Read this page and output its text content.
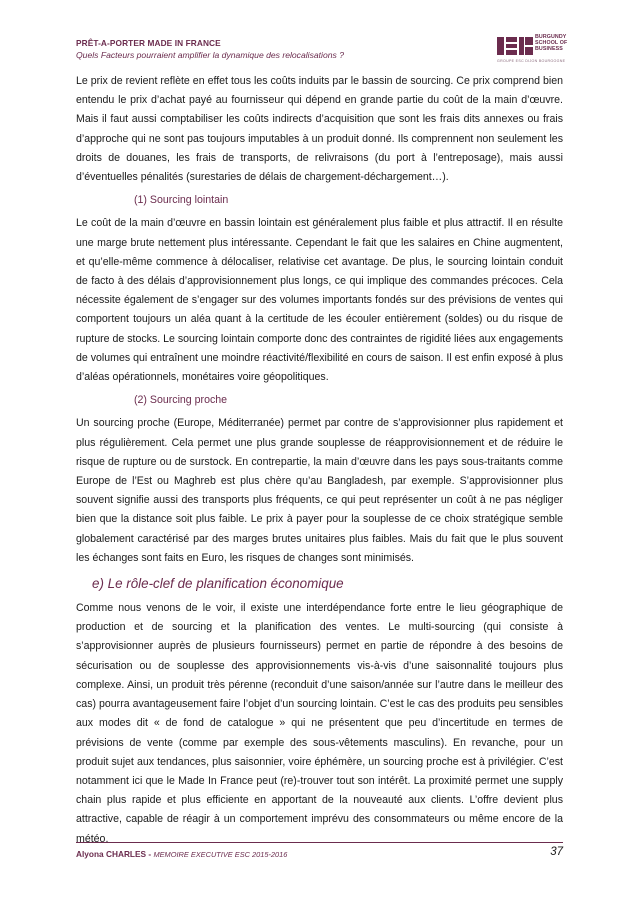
PRÊT-A-PORTER MADE IN FRANCE
Quels Facteurs pourraient amplifier la dynamique des relocalisations ?
BURGUNDY
SCHOOL OF
BUSINESS
GROUPE ESC DIJON BOURGOGNE

Le prix de revient reflète en effet tous les coûts induits par le bassin de sourcing. Ce prix comprend bien entendu le prix d’achat payé au fournisseur qui dépend en grande partie du coût de la main d’œuvre. Mais il faut aussi comptabiliser les coûts indirects d’acquisition que sont les frais dits annexes ou frais d’approche qui ne sont pas toujours imputables à un produit donné. Ils comprennent non seulement les droits de douanes, les frais de transports, de relivraisons (du port à l’entreposage), mais aussi d’éventuelles pénalités (surestaries de délais de chargement-déchargement…).

(1) Sourcing lointain

Le coût de la main d’œuvre en bassin lointain est généralement plus faible et plus attractif. Il en résulte une marge brute nettement plus intéressante. Cependant le fait que les salaires en Chine augmentent, et qu’elle-même commence à délocaliser, relativise cet avantage. De plus, le sourcing lointain conduit de facto à des délais d’approvisionnement plus longs, ce qui implique des commandes précoces. Cela nécessite également de s’engager sur des volumes importants fondés sur des prévisions de ventes qui comportent toujours un aléa quant à la certitude de les écouler entièrement (soldes) ou du risque de rupture de stocks. Le sourcing lointain comporte donc des contraintes de rigidité liées aux engagements de volumes qui entraînent une moindre réactivité/flexibilité en cours de saison. Il est enfin exposé à plus d’aléas opérationnels, monétaires voire géopolitiques.

(2) Sourcing proche

Un sourcing proche (Europe, Méditerranée) permet par contre de s’approvisionner plus rapidement et plus régulièrement. Cela permet une plus grande souplesse de réapprovisionnement et de réduire le risque de rupture ou de surstock. En contrepartie, la main d’œuvre dans les pays sous-traitants comme Europe de l’Est ou Maghreb est plus chère qu’au Bangladesh, par exemple. S’approvisionner plus souvent signifie aussi des transports plus fréquents, ce qui peut représenter un coût à ne pas négliger bien que la distance soit plus faible. Le prix à payer pour la souplesse de ce choix stratégique semble globalement caractérisé par des marges brutes unitaires plus faibles. Mais du fait que le plus souvent les échanges sont faits en Euro, les risques de changes sont minimisés.

e) Le rôle-clef de planification économique

Comme nous venons de le voir, il existe une interdépendance forte entre le lieu géographique de production et de sourcing et la planification des ventes. Le multi-sourcing (qui consiste à s’approvisionner auprès de plusieurs fournisseurs) permet en partie de répondre à des besoins de sécurisation ou de souplesse des approvisionnements vis-à-vis d’une saisonnalité toujours plus complexe. Ainsi, un produit très pérenne (reconduit d’une saison/année sur l’autre dans le meilleur des cas) pourra avantageusement faire l’objet d’un sourcing lointain. C’est le cas des produits peu sensibles aux modes dit « de fond de catalogue » qui ne présentent que peu d’incertitude en termes de prévisions de vente (comme par exemple des sous-vêtements masculins). En revanche, pour un produit sujet aux tendances, plus saisonnier, voire éphémère, un sourcing proche est à privilégier. C’est notamment ici que le Made In France peut (re)-trouver tout son intérêt. La proximité permet une supply chain plus rapide et plus efficiente en apportant de la nouveauté aux clients. L’offre devient plus attractive, capable de réagir à un comportement imprévu des consommateurs ou même encore de la météo.

Alyona CHARLES - MEMOIRE EXECUTIVE ESC 2015-2016	37
